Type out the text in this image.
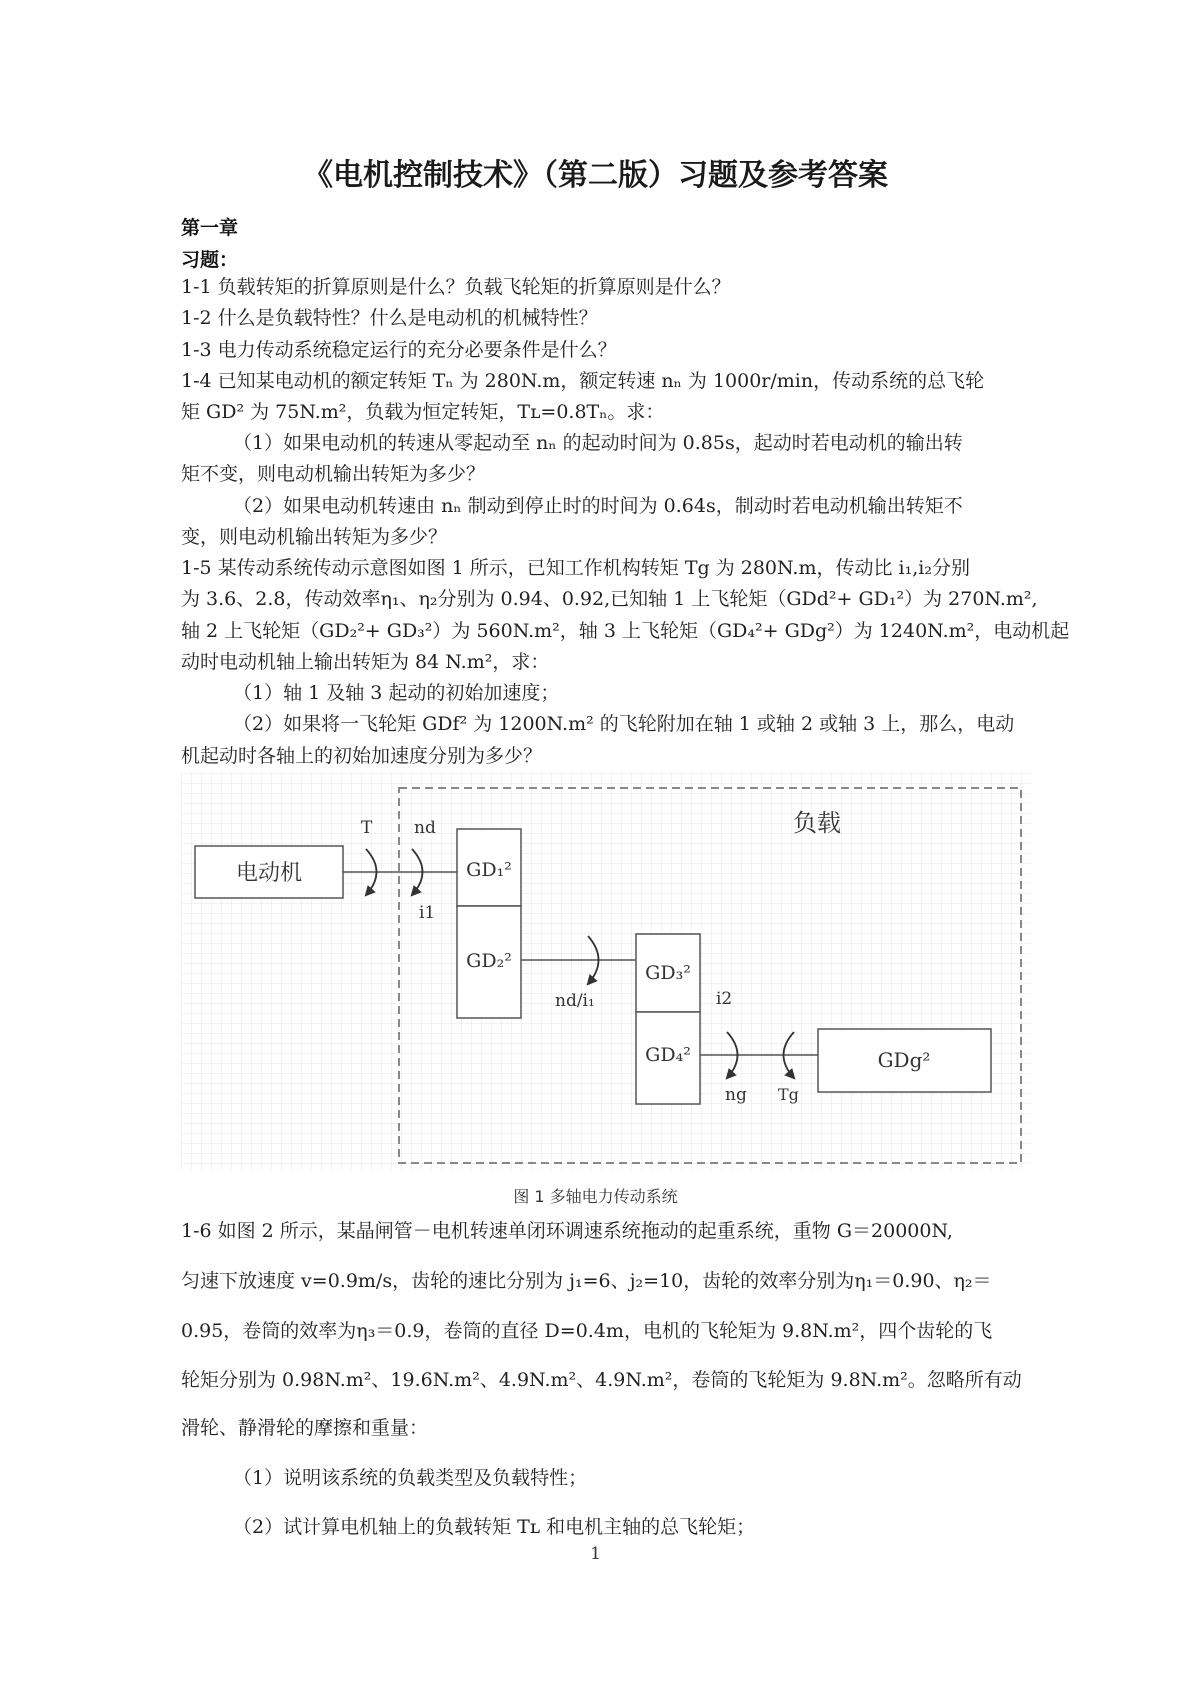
《电机控制技术》（第二版）习题及参考答案
第一章
习题：
1-1 负载转矩的折算原则是什么？负载飞轮矩的折算原则是什么？
1-2 什么是负载特性？什么是电动机的机械特性？
1-3 电力传动系统稳定运行的充分必要条件是什么？
1-4 已知某电动机的额定转矩 Tₙ 为 280N.m，额定转速 nₙ 为 1000r/min，传动系统的总飞轮
矩 GD² 为 75N.m²，负载为恒定转矩，Tʟ=0.8Tₙ。求：
（1）如果电动机的转速从零起动至 nₙ 的起动时间为 0.85s，起动时若电动机的输出转
矩不变，则电动机输出转矩为多少？
（2）如果电动机转速由 nₙ 制动到停止时的时间为 0.64s，制动时若电动机输出转矩不
变，则电动机输出转矩为多少？
1-5 某传动系统传动示意图如图 1 所示，已知工作机构转矩 Tg 为 280N.m，传动比 i₁,i₂分别
为 3.6、2.8，传动效率η₁、η₂分别为 0.94、0.92,已知轴 1 上飞轮矩（GDd²+ GD₁²）为 270N.m²,
轴 2 上飞轮矩（GD₂²+ GD₃²）为 560N.m²，轴 3 上飞轮矩（GD₄²+ GDg²）为 1240N.m²，电动机起
动时电动机轴上输出转矩为 84 N.m²，求：
（1）轴 1 及轴 3 起动的初始加速度；
（2）如果将一飞轮矩 GDf² 为 1200N.m² 的飞轮附加在轴 1 或轴 2 或轴 3 上，那么，电动
机起动时各轴上的初始加速度分别为多少？
负载
电动机
T nd
i1
GD₁²
GD₂²
nd/i₁
GD₃²
GD₄²
i2
ng Tg
GDg²
图 1 多轴电力传动系统
1-6 如图 2 所示，某晶闸管－电机转速单闭环调速系统拖动的起重系统，重物 G＝20000N,
匀速下放速度 v=0.9m/s，齿轮的速比分别为 j₁=6、j₂=10，齿轮的效率分别为η₁＝0.90、η₂＝
0.95，卷筒的效率为η₃＝0.9，卷筒的直径 D=0.4m，电机的飞轮矩为 9.8N.m²，四个齿轮的飞
轮矩分别为 0.98N.m²、19.6N.m²、4.9N.m²、4.9N.m²，卷筒的飞轮矩为 9.8N.m²。忽略所有动
滑轮、静滑轮的摩擦和重量：
（1）说明该系统的负载类型及负载特性；
（2）试计算电机轴上的负载转矩 Tʟ 和电机主轴的总飞轮矩；
1
